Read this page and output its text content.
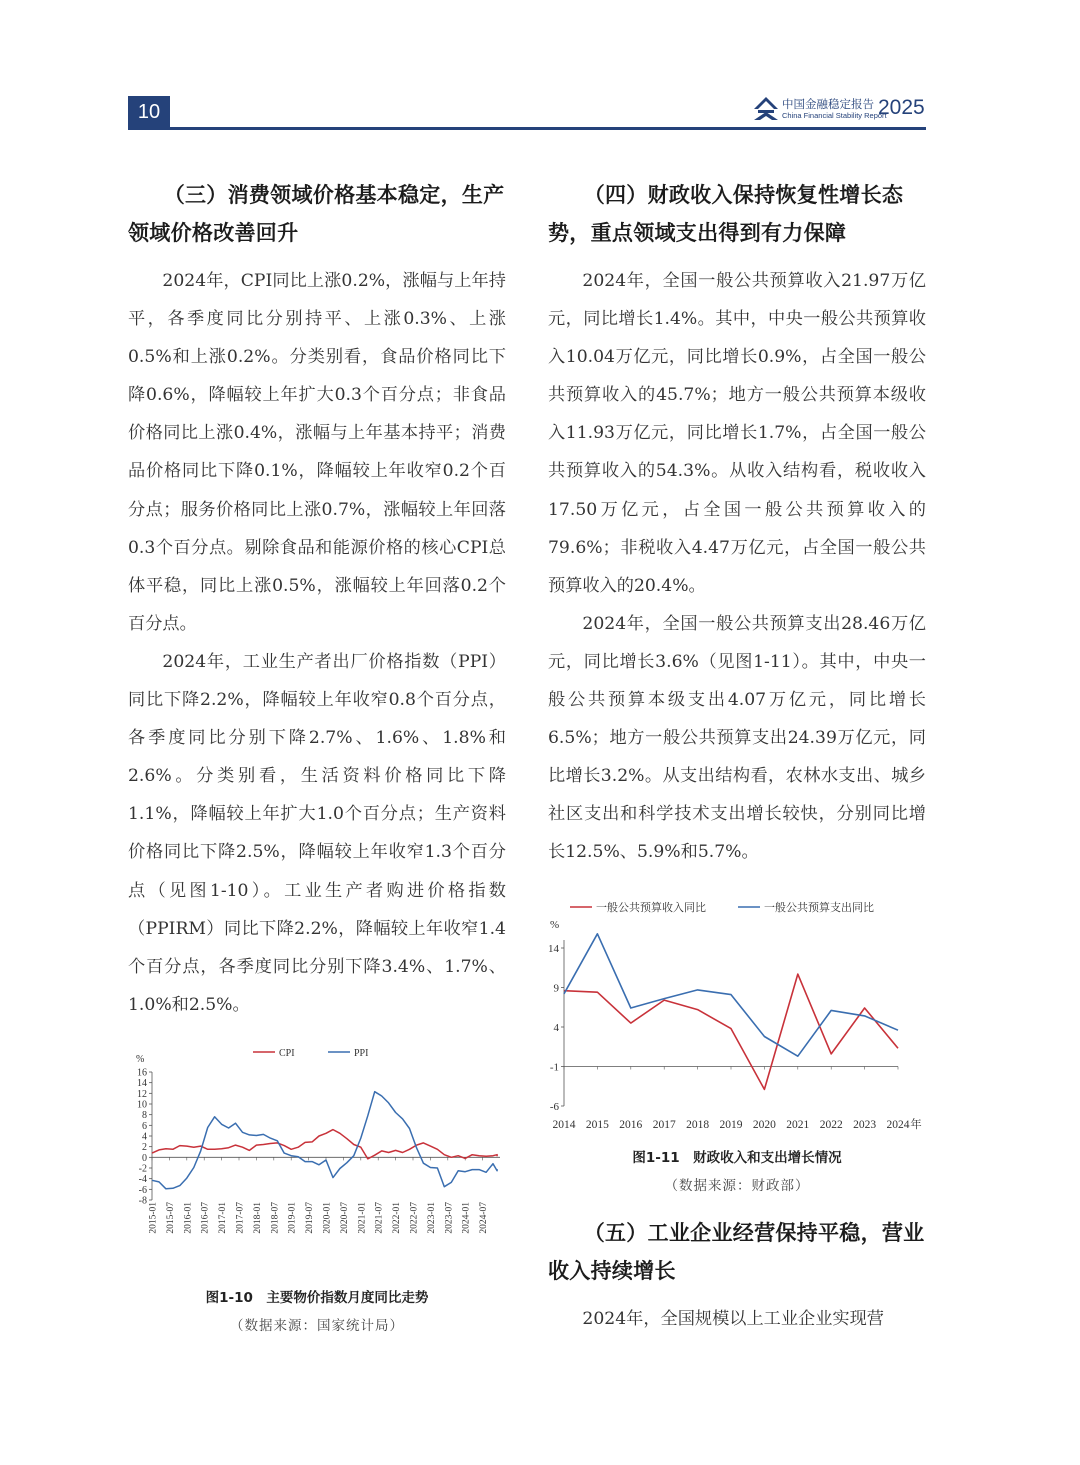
10	中国金融稳定报告
China Financial Stability Report
2025
（三）消费领域价格基本稳定，生产领域价格改善回升

2024年，CPI同比上涨0.2%，涨幅与上年持平，各季度同比分别持平、上涨0.3%、上涨0.5%和上涨0.2%。分类别看，食品价格同比下降0.6%，降幅较上年扩大0.3个百分点；非食品价格同比上涨0.4%，涨幅与上年基本持平；消费品价格同比下降0.1%，降幅较上年收窄0.2个百分点；服务价格同比上涨0.7%，涨幅较上年回落0.3个百分点。剔除食品和能源价格的核心CPI总体平稳，同比上涨0.5%，涨幅较上年回落0.2个百分点。

2024年，工业生产者出厂价格指数（PPI）同比下降2.2%，降幅较上年收窄0.8个百分点，各季度同比分别下降2.7%、1.6%、1.8%和2.6%。分类别看，生活资料价格同比下降1.1%，降幅较上年扩大1.0个百分点；生产资料价格同比下降2.5%，降幅较上年收窄1.3个百分点（见图1-10）。工业生产者购进价格指数（PPIRM）同比下降2.2%，降幅较上年收窄1.4个百分点，各季度同比分别下降3.4%、1.7%、1.0%和2.5%。

CPI	PPI
%
-8
-6
-4
-2
0
2
4
6
8
10
12
14
16
2015-01 2015-07 2016-01 2016-07 2017-01 2017-07 2018-01 2018-07 2019-01 2019-07 2020-01 2020-07 2021-01 2021-07 2022-01 2022-07 2023-01 2023-07 2024-01 2024-07
图1-10　主要物价指数月度同比走势
（数据来源：国家统计局）
（四）财政收入保持恢复性增长态势，重点领域支出得到有力保障

2024年，全国一般公共预算收入21.97万亿元，同比增长1.4%。其中，中央一般公共预算收入10.04万亿元，同比增长0.9%，占全国一般公共预算收入的45.7%；地方一般公共预算本级收入11.93万亿元，同比增长1.7%，占全国一般公共预算收入的54.3%。从收入结构看，税收收入17.50万亿元，占全国一般公共预算收入的79.6%；非税收入4.47万亿元，占全国一般公共预算收入的20.4%。

2024年，全国一般公共预算支出28.46万亿元，同比增长3.6%（见图1-11）。其中，中央一般公共预算本级支出4.07万亿元，同比增长6.5%；地方一般公共预算支出24.39万亿元，同比增长3.2%。从支出结构看，农林水支出、城乡社区支出和科学技术支出增长较快，分别同比增长12.5%、5.9%和5.7%。

一般公共预算收入同比	一般公共预算支出同比
%
-6
-1
4
9
14
2014 2015 2016 2017 2018 2019 2020 2021 2022 2023 2024 年
图1-11　财政收入和支出增长情况
（数据来源：财政部）
（五）工业企业经营保持平稳，营业收入持续增长

2024年，全国规模以上工业企业实现营
